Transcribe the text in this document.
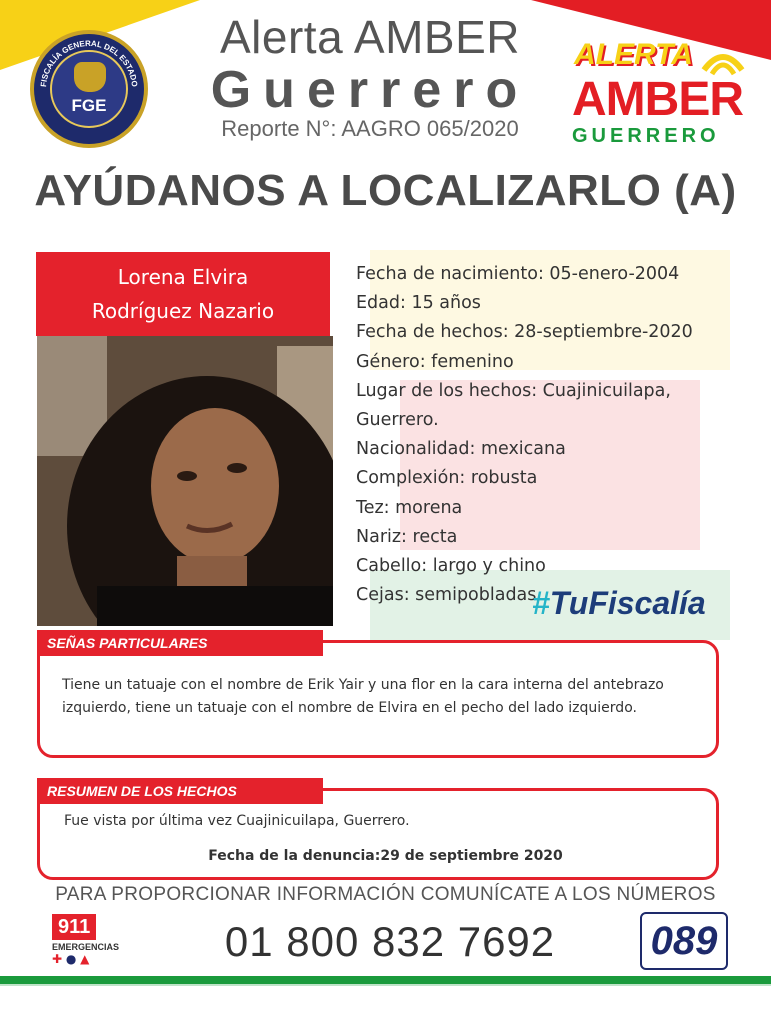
FISCALÍA GENERAL DEL ESTADO
FGE
Alerta AMBER
Guerrero
Reporte N°: AAGRO 065/2020
ALERTA
AMBER
GUERRERO
AYÚDANOS A LOCALIZARLO (A)
Lorena Elvira
Rodríguez Nazario
Fecha de nacimiento: 05-enero-2004
Edad: 15 años
Fecha de hechos: 28-septiembre-2020
Género: femenino
Lugar de los hechos: Cuajinicuilapa,
Guerrero.
Nacionalidad: mexicana
Complexión: robusta
Tez: morena
Nariz: recta
Cabello: largo y chino
Cejas: semipobladas
#TuFiscalía
SEÑAS PARTICULARES
Tiene un tatuaje con el nombre de Erik Yair y una flor en la cara interna del antebrazo
izquierdo, tiene un tatuaje con el nombre de Elvira en el pecho del lado izquierdo.
RESUMEN DE LOS HECHOS
Fue vista por última vez Cuajinicuilapa, Guerrero.
Fecha de la denuncia:29 de septiembre 2020
PARA PROPORCIONAR INFORMACIÓN COMUNÍCATE A LOS NÚMEROS
01 800 832 7692
911
EMERGENCIAS
✚ ● ▲	089
